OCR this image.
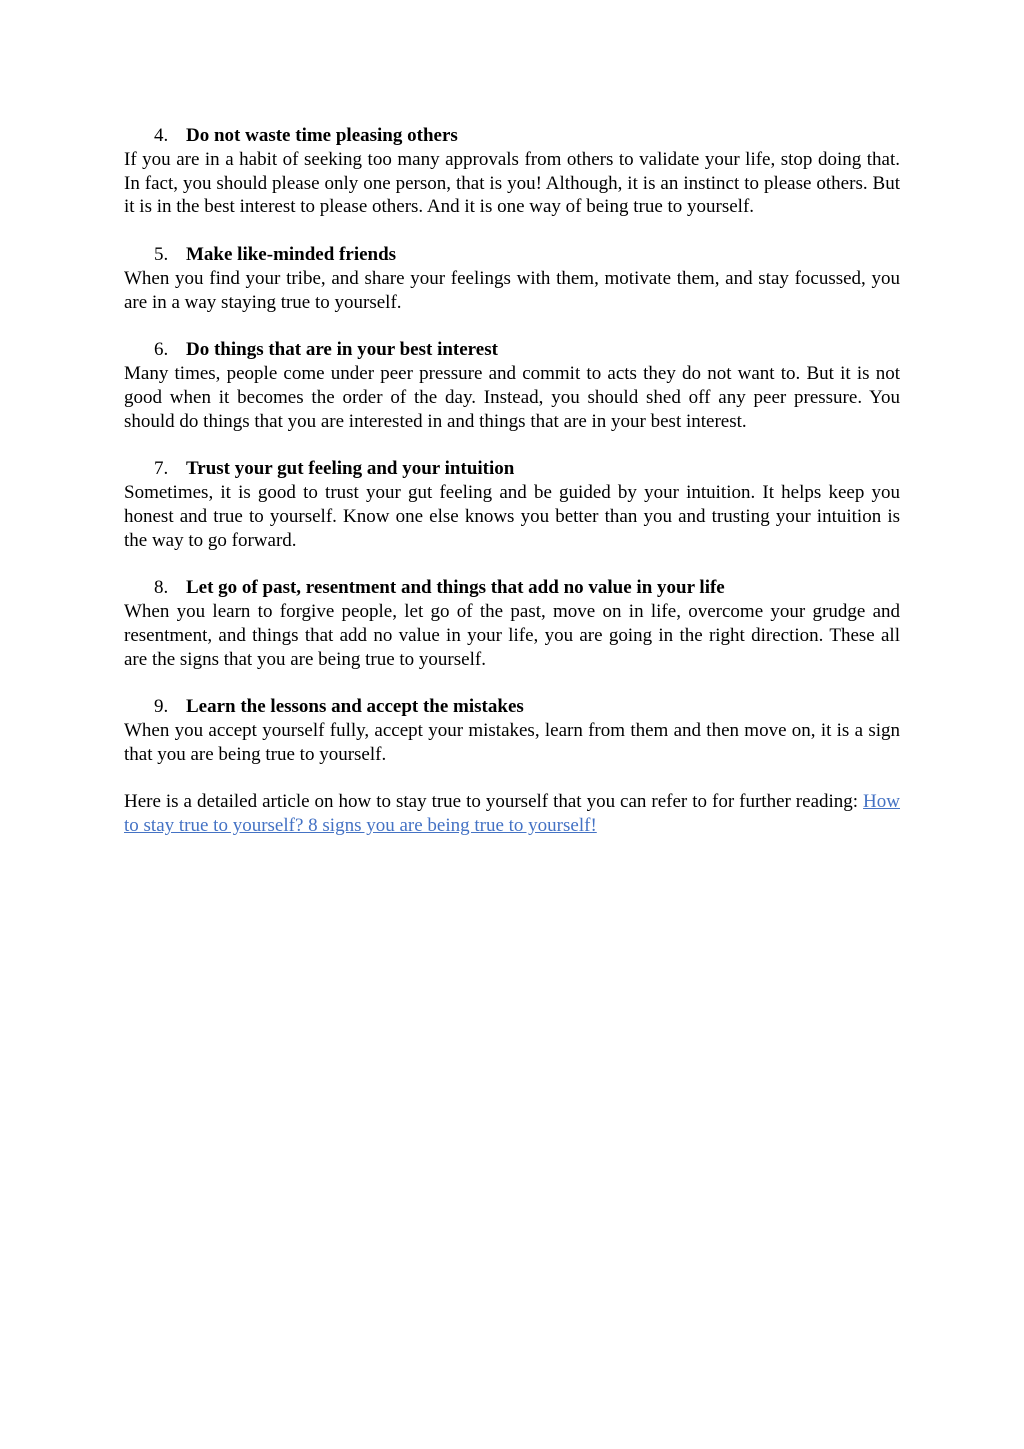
4. Do not waste time pleasing others

If you are in a habit of seeking too many approvals from others to validate your life, stop doing that. In fact, you should please only one person, that is you! Although, it is an instinct to please others. But it is in the best interest to please others. And it is one way of being true to yourself.

5. Make like-minded friends

When you find your tribe, and share your feelings with them, motivate them, and stay focussed, you are in a way staying true to yourself.

6. Do things that are in your best interest

Many times, people come under peer pressure and commit to acts they do not want to. But it is not good when it becomes the order of the day. Instead, you should shed off any peer pressure. You should do things that you are interested in and things that are in your best interest.

7. Trust your gut feeling and your intuition

Sometimes, it is good to trust your gut feeling and be guided by your intuition. It helps keep you honest and true to yourself. Know one else knows you better than you and trusting your intuition is the way to go forward.

8. Let go of past, resentment and things that add no value in your life

When you learn to forgive people, let go of the past, move on in life, overcome your grudge and resentment, and things that add no value in your life, you are going in the right direction. These all are the signs that you are being true to yourself.

9. Learn the lessons and accept the mistakes

When you accept yourself fully, accept your mistakes, learn from them and then move on, it is a sign that you are being true to yourself.

Here is a detailed article on how to stay true to yourself that you can refer to for further reading: How to stay true to yourself? 8 signs you are being true to yourself!
